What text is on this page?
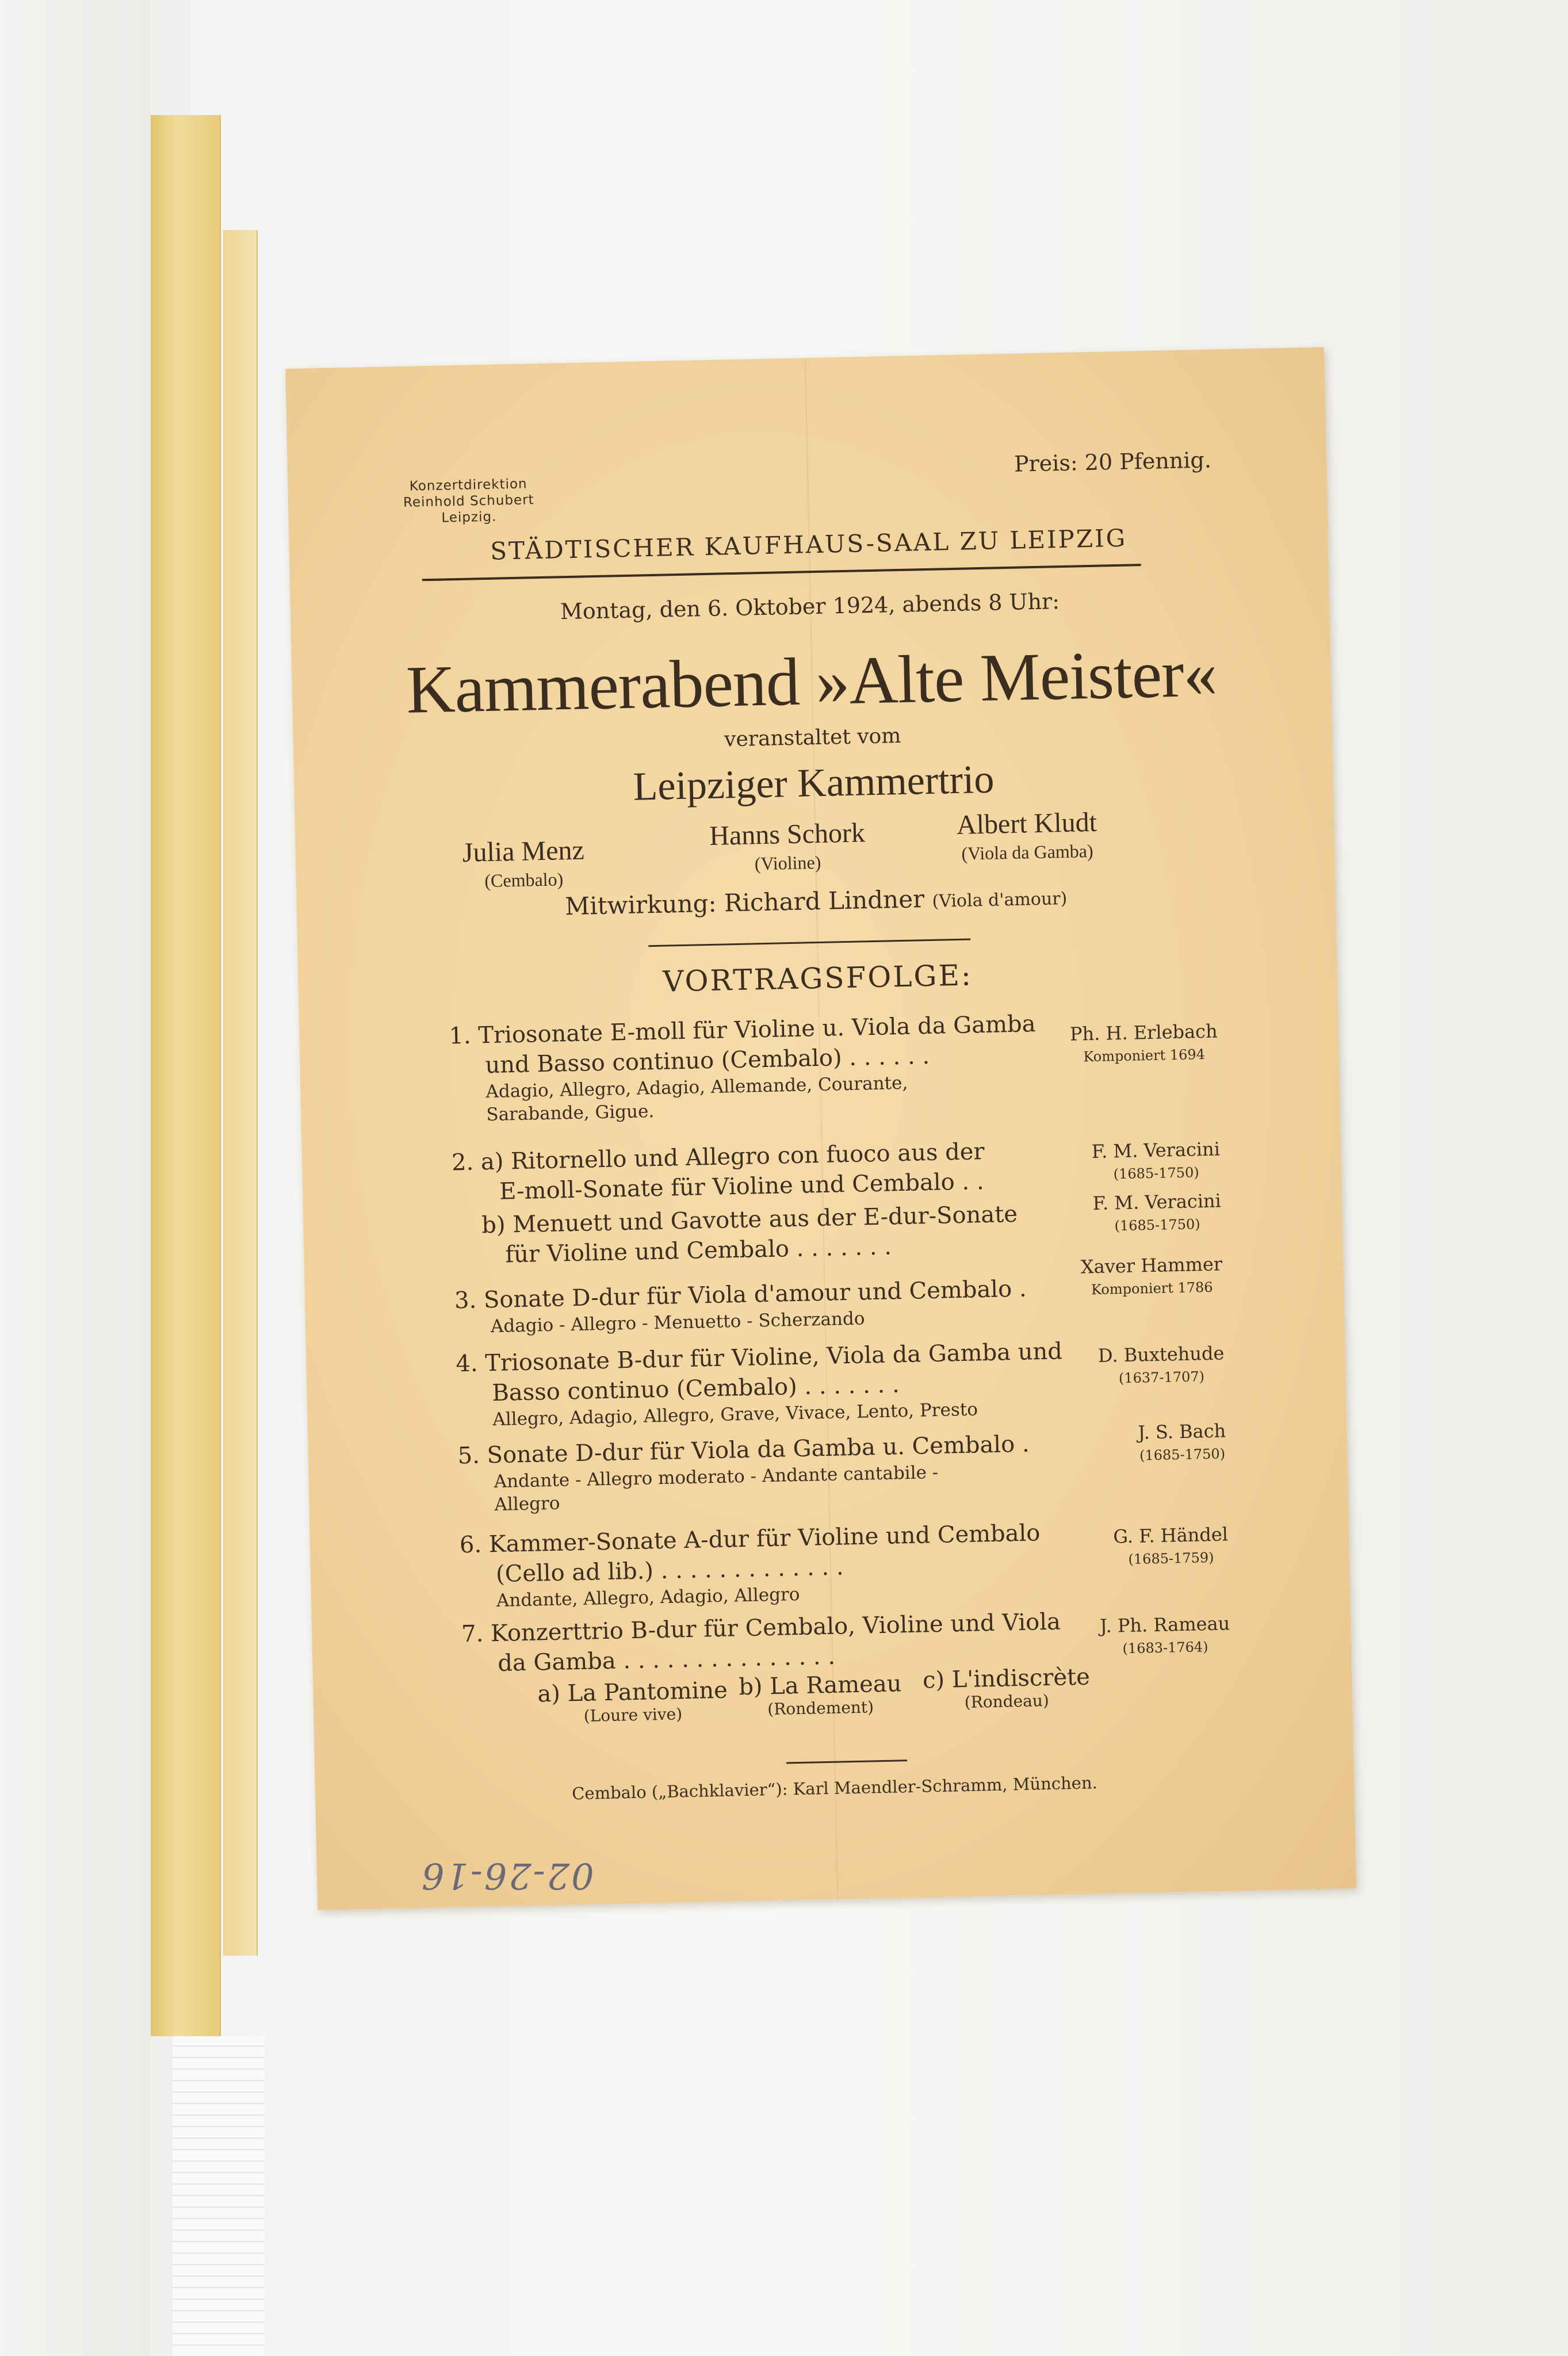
Konzertdirektion
Reinhold Schubert
Leipzig.
Preis: 20 Pfennig.
STÄDTISCHER KAUFHAUS-SAAL ZU LEIPZIG
Montag, den 6. Oktober 1924, abends 8 Uhr:
Kammerabend »Alte Meister«
veranstaltet vom
Leipziger Kammertrio
Julia Menz
(Cembalo)
Hanns Schork
(Violine)
Albert Kludt
(Viola da Gamba)
Mitwirkung: Richard Lindner (Viola d'amour)
VORTRAGSFOLGE:
1. Triosonate E-moll für Violine u. Viola da Gamba
und Basso continuo (Cembalo) . . . . . .
Adagio, Allegro, Adagio, Allemande, Courante,
Sarabande, Gigue.
Ph. H. Erlebach
Komponiert 1694
2. a) Ritornello und Allegro con fuoco aus der
E-moll-Sonate für Violine und Cembalo . .
F. M. Veracini
(1685-1750)
b) Menuett und Gavotte aus der E-dur-Sonate
für Violine und Cembalo . . . . . . .
F. M. Veracini
(1685-1750)
3. Sonate D-dur für Viola d'amour und Cembalo .
Adagio - Allegro - Menuetto - Scherzando
Xaver Hammer
Komponiert 1786
4. Triosonate B-dur für Violine, Viola da Gamba und
Basso continuo (Cembalo) . . . . . . .
Allegro, Adagio, Allegro, Grave, Vivace, Lento, Presto
D. Buxtehude
(1637-1707)
5. Sonate D-dur für Viola da Gamba u. Cembalo .
Andante - Allegro moderato - Andante cantabile -
Allegro
J. S. Bach
(1685-1750)
6. Kammer-Sonate A-dur für Violine und Cembalo
(Cello ad lib.) . . . . . . . . . . . . .
Andante, Allegro, Adagio, Allegro
G. F. Händel
(1685-1759)
7. Konzerttrio B-dur für Cembalo, Violine und Viola
da Gamba . . . . . . . . . . . . . . .
J. Ph. Rameau
(1683-1764)
a) La Pantomine
(Loure vive)
b) La Rameau
(Rondement)
c) L'indiscrète
(Rondeau)
Cembalo („Bachklavier“): Karl Maendler-Schramm, München.
02-26-16
